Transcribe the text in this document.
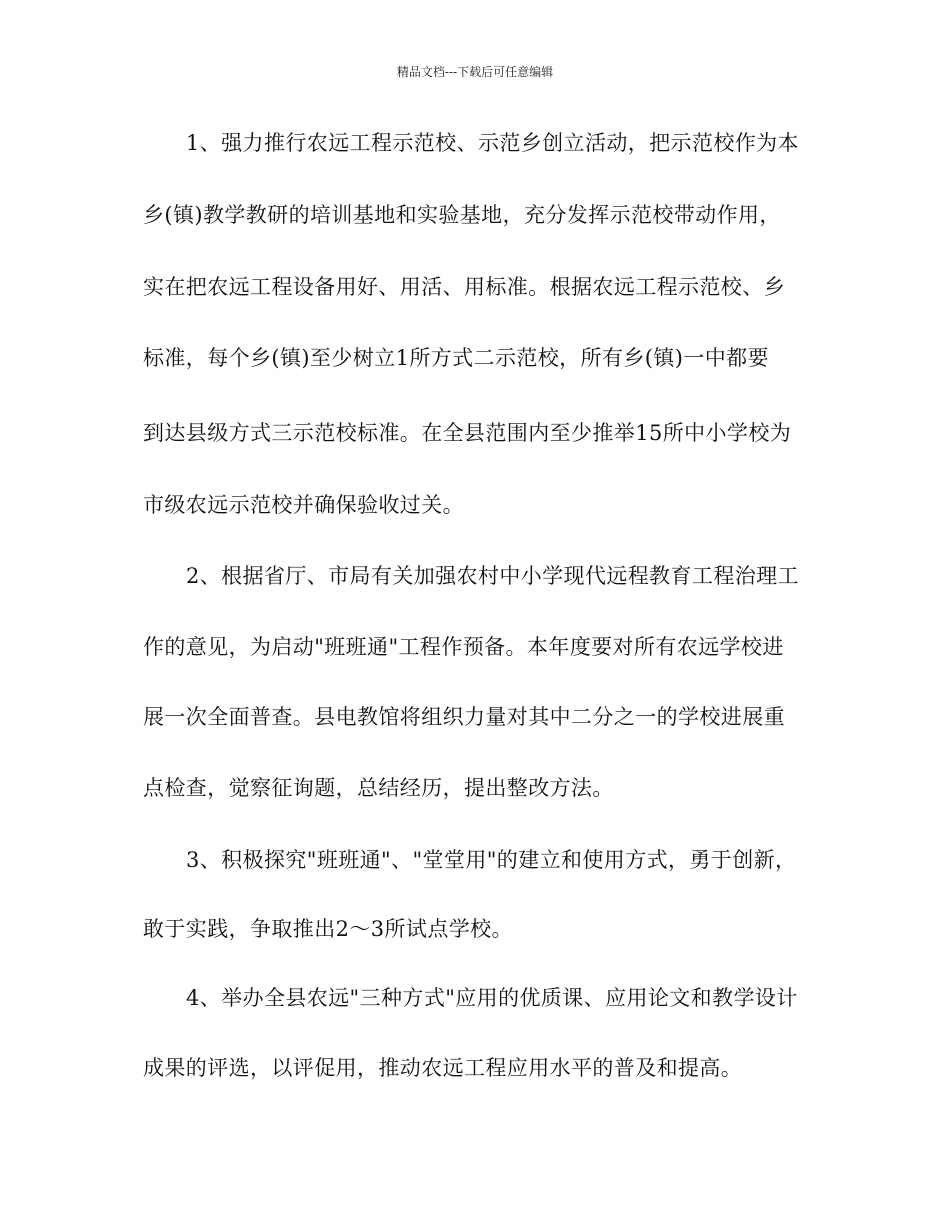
精品文档---下载后可任意编辑
1、强力推行农远工程示范校、示范乡创立活动，把示范校作为本
乡(镇)教学教研的培训基地和实验基地，充分发挥示范校带动作用，
实在把农远工程设备用好、用活、用标准。根据农远工程示范校、乡
标准，每个乡(镇)至少树立1所方式二示范校，所有乡(镇)一中都要
到达县级方式三示范校标准。在全县范围内至少推举15所中小学校为
市级农远示范校并确保验收过关。
2、根据省厅、市局有关加强农村中小学现代远程教育工程治理工
作的意见，为启动"班班通"工程作预备。本年度要对所有农远学校进
展一次全面普查。县电教馆将组织力量对其中二分之一的学校进展重
点检查，觉察征询题，总结经历，提出整改方法。
3、积极探究"班班通"、"堂堂用"的建立和使用方式，勇于创新，
敢于实践，争取推出2～3所试点学校。
4、举办全县农远"三种方式"应用的优质课、应用论文和教学设计
成果的评选，以评促用，推动农远工程应用水平的普及和提高。
